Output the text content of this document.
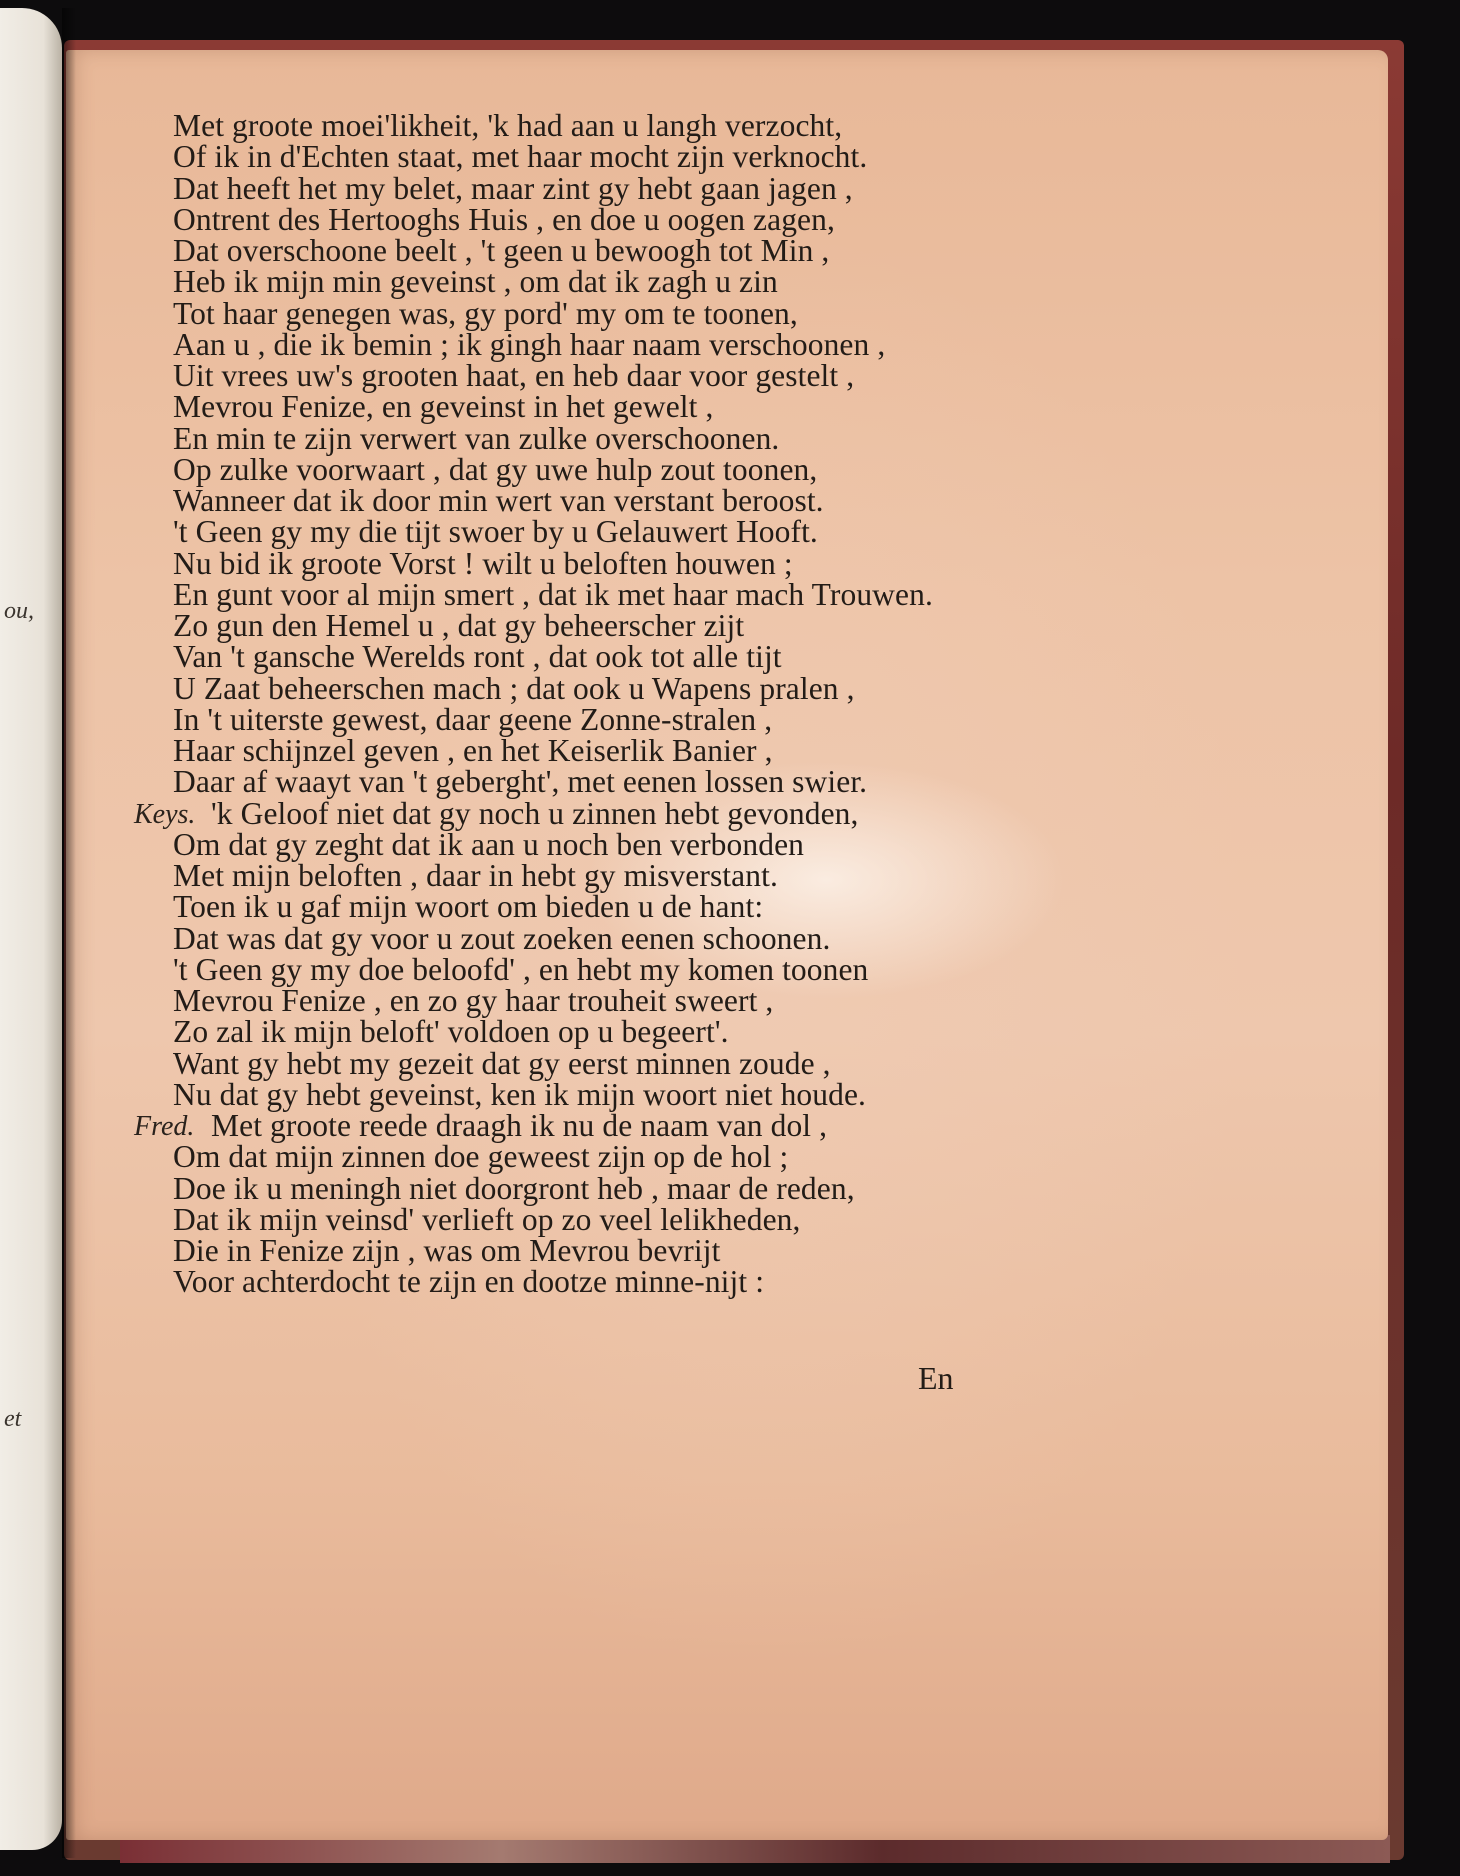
ou,
et
Met groote moei'likheit, 'k had aan u langh verzocht,
Of ik in d'Echten staat, met haar mocht zijn verknocht.
Dat heeft het my belet, maar zint gy hebt gaan jagen ,
Ontrent des Hertooghs Huis , en doe u oogen zagen,
Dat overschoone beelt , 't geen u bewoogh tot Min ,
Heb ik mijn min geveinst , om dat ik zagh u zin
Tot haar genegen was, gy pord' my om te toonen,
Aan u , die ik bemin ; ik gingh haar naam verschoonen ,
Uit vrees uw's grooten haat, en heb daar voor gestelt ,
Mevrou Fenize, en geveinst in het gewelt ,
En min te zijn verwert van zulke overschoonen.
Op zulke voorwaart , dat gy uwe hulp zout toonen,
Wanneer dat ik door min wert van verstant beroost.
't Geen gy my die tijt swoer by u Gelauwert Hooft.
Nu bid ik groote Vorst ! wilt u beloften houwen ;
En gunt voor al mijn smert , dat ik met haar mach Trouwen.
Zo gun den Hemel u , dat gy beheerscher zijt
Van 't gansche Werelds ront , dat ook tot alle tijt
U Zaat beheerschen mach ; dat ook u Wapens pralen ,
In 't uiterste gewest, daar geene Zonne-stralen ,
Haar schijnzel geven , en het Keiserlik Banier ,
Daar af waayt van 't geberght', met eenen lossen swier.
Keys. 'k Geloof niet dat gy noch u zinnen hebt gevonden,
Om dat gy zeght dat ik aan u noch ben verbonden
Met mijn beloften , daar in hebt gy misverstant.
Toen ik u gaf mijn woort om bieden u de hant:
Dat was dat gy voor u zout zoeken eenen schoonen.
't Geen gy my doe beloofd' , en hebt my komen toonen
Mevrou Fenize , en zo gy haar trouheit sweert ,
Zo zal ik mijn beloft' voldoen op u begeert'.
Want gy hebt my gezeit dat gy eerst minnen zoude ,
Nu dat gy hebt geveinst, ken ik mijn woort niet houde.
Fred. Met groote reede draagh ik nu de naam van dol ,
Om dat mijn zinnen doe geweest zijn op de hol ;
Doe ik u meningh niet doorgront heb , maar de reden,
Dat ik mijn veinsd' verlieft op zo veel lelikheden,
Die in Fenize zijn , was om Mevrou bevrijt
Voor achterdocht te zijn en dootze minne-nijt :
En
